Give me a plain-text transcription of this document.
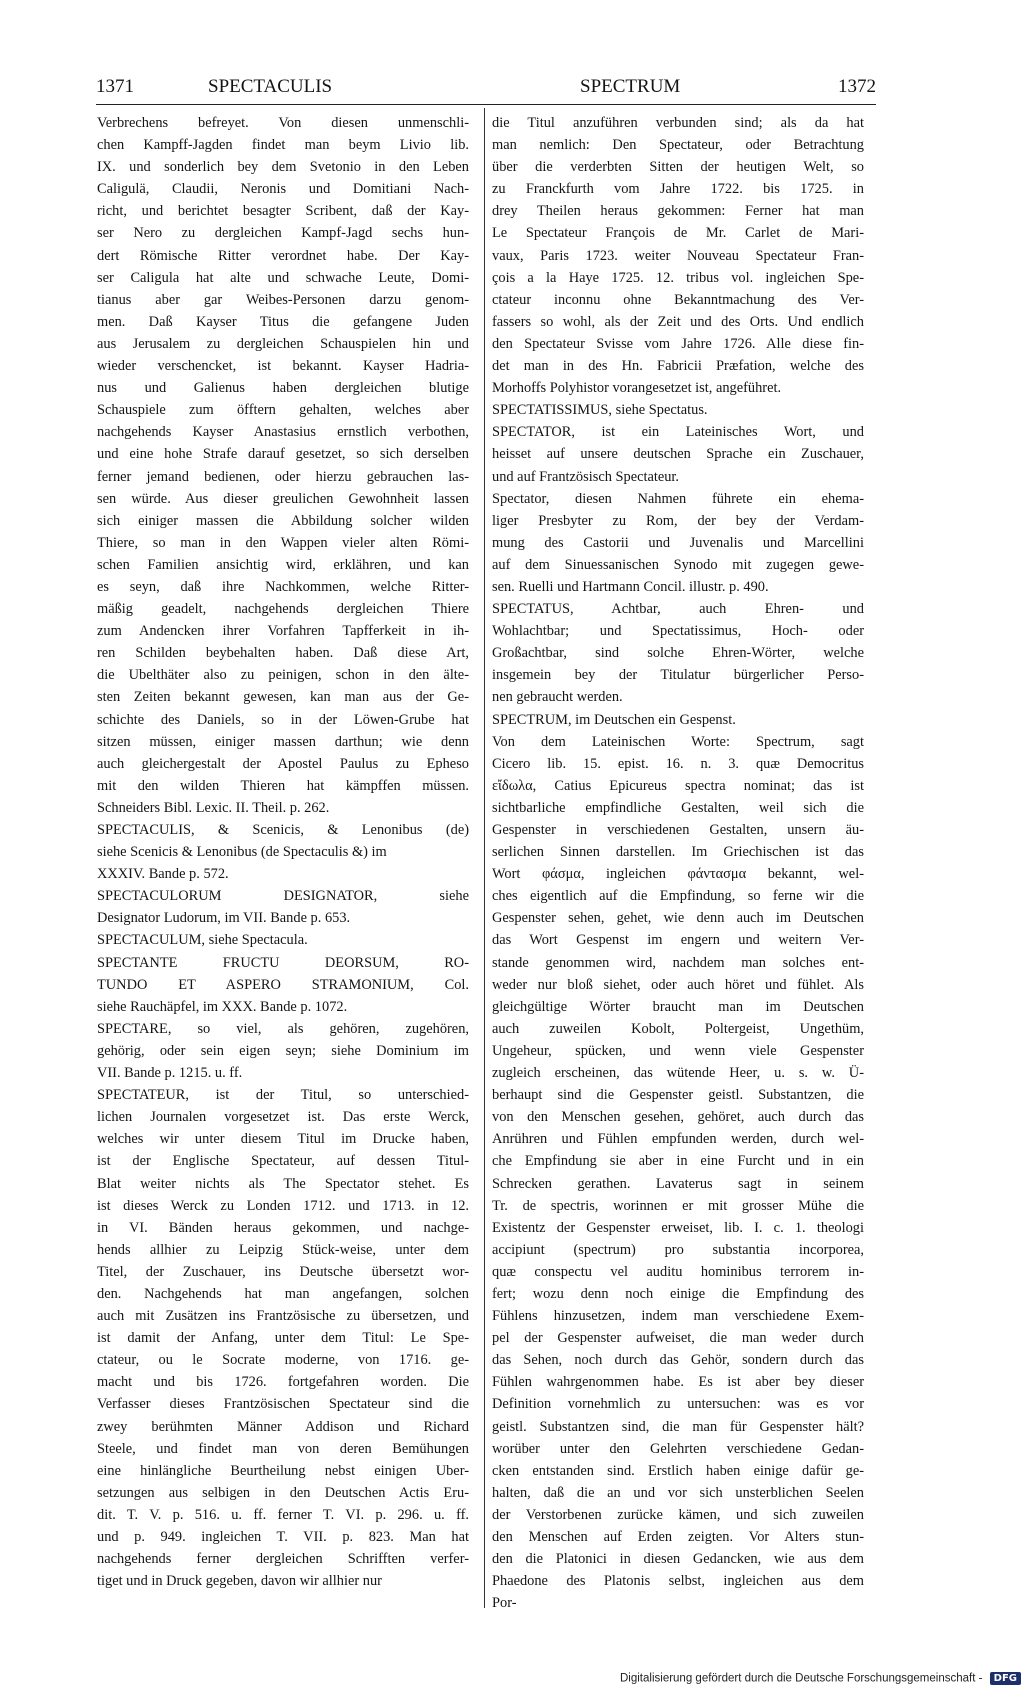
1371	SPECTACULIS	SPECTRUM	1372
Verbrechens befreyet. Von diesen unmenschli-
chen Kampff-Jagden findet man beym Livio lib.
IX. und sonderlich bey dem Svetonio in den Leben
Caligulä, Claudii, Neronis und Domitiani Nach-
richt, und berichtet besagter Scribent, daß der Kay-
ser Nero zu dergleichen Kampf-Jagd sechs hun-
dert Römische Ritter verordnet habe. Der Kay-
ser Caligula hat alte und schwache Leute, Domi-
tianus aber gar Weibes-Personen darzu genom-
men. Daß Kayser Titus die gefangene Juden
aus Jerusalem zu dergleichen Schauspielen hin und
wieder verschencket, ist bekannt. Kayser Hadria-
nus und Galienus haben dergleichen blutige
Schauspiele zum öfftern gehalten, welches aber
nachgehends Kayser Anastasius ernstlich verbothen,
und eine hohe Strafe darauf gesetzet, so sich derselben
ferner jemand bedienen, oder hierzu gebrauchen las-
sen würde. Aus dieser greulichen Gewohnheit lassen
sich einiger massen die Abbildung solcher wilden
Thiere, so man in den Wappen vieler alten Römi-
schen Familien ansichtig wird, erklähren, und kan
es seyn, daß ihre Nachkommen, welche Ritter-
mäßig geadelt, nachgehends dergleichen Thiere
zum Andencken ihrer Vorfahren Tapfferkeit in ih-
ren Schilden beybehalten haben. Daß diese Art,
die Ubelthäter also zu peinigen, schon in den älte-
sten Zeiten bekannt gewesen, kan man aus der Ge-
schichte des Daniels, so in der Löwen-Grube hat
sitzen müssen, einiger massen darthun; wie denn
auch gleichergestalt der Apostel Paulus zu Epheso
mit den wilden Thieren hat kämpffen müssen.
Schneiders Bibl. Lexic. II. Theil. p. 262.
SPECTACULIS, & Scenicis, & Lenonibus (de)
siehe Scenicis & Lenonibus (de Spectaculis &) im
XXXIV. Bande p. 572.
SPECTACULORUM DESIGNATOR, siehe
Designator Ludorum, im VII. Bande p. 653.
SPECTACULUM, siehe Spectacula.
SPECTANTE FRUCTU DEORSUM, RO-
TUNDO ET ASPERO STRAMONIUM, Col.
siehe Rauchäpfel, im XXX. Bande p. 1072.
SPECTARE, so viel, als gehören, zugehören,
gehörig, oder sein eigen seyn; siehe Dominium im
VII. Bande p. 1215. u. ff.
SPECTATEUR, ist der Titul, so unterschied-
lichen Journalen vorgesetzet ist. Das erste Werck,
welches wir unter diesem Titul im Drucke haben,
ist der Englische Spectateur, auf dessen Titul-
Blat weiter nichts als The Spectator stehet. Es
ist dieses Werck zu Londen 1712. und 1713. in 12.
in VI. Bänden heraus gekommen, und nachge-
hends allhier zu Leipzig Stück-weise, unter dem
Titel, der Zuschauer, ins Deutsche übersetzt wor-
den. Nachgehends hat man angefangen, solchen
auch mit Zusätzen ins Frantzösische zu übersetzen, und
ist damit der Anfang, unter dem Titul: Le Spe-
ctateur, ou le Socrate moderne, von 1716. ge-
macht und bis 1726. fortgefahren worden. Die
Verfasser dieses Frantzösischen Spectateur sind die
zwey berühmten Männer Addison und Richard
Steele, und findet man von deren Bemühungen
eine hinlängliche Beurtheilung nebst einigen Uber-
setzungen aus selbigen in den Deutschen Actis Eru-
dit. T. V. p. 516. u. ff. ferner T. VI. p. 296. u. ff.
und p. 949. ingleichen T. VII. p. 823. Man hat
nachgehends ferner dergleichen Schrifften verfer-
tiget und in Druck gegeben, davon wir allhier nur
die Titul anzuführen verbunden sind; als da hat
man nemlich: Den Spectateur, oder Betrachtung
über die verderbten Sitten der heutigen Welt, so
zu Franckfurth vom Jahre 1722. bis 1725. in
drey Theilen heraus gekommen: Ferner hat man
Le Spectateur François de Mr. Carlet de Mari-
vaux, Paris 1723. weiter Nouveau Spectateur Fran-
çois a la Haye 1725. 12. tribus vol. ingleichen Spe-
ctateur inconnu ohne Bekanntmachung des Ver-
fassers so wohl, als der Zeit und des Orts. Und endlich
den Spectateur Svisse vom Jahre 1726. Alle diese fin-
det man in des Hn. Fabricii Præfation, welche des
Morhoffs Polyhistor vorangesetzet ist, angeführet.
SPECTATISSIMUS, siehe Spectatus.
SPECTATOR, ist ein Lateinisches Wort, und
heisset auf unsere deutschen Sprache ein Zuschauer,
und auf Frantzösisch Spectateur.
Spectator, diesen Nahmen führete ein ehema-
liger Presbyter zu Rom, der bey der Verdam-
mung des Castorii und Juvenalis und Marcellini
auf dem Sinuessanischen Synodo mit zugegen gewe-
sen. Ruelli und Hartmann Concil. illustr. p. 490.
SPECTATUS, Achtbar, auch Ehren- und
Wohlachtbar; und Spectatissimus, Hoch- oder
Großachtbar, sind solche Ehren-Wörter, welche
insgemein bey der Titulatur bürgerlicher Perso-
nen gebraucht werden.
SPECTRUM, im Deutschen ein Gespenst.
Von dem Lateinischen Worte: Spectrum, sagt
Cicero lib. 15. epist. 16. n. 3. quæ Democritus
εἴδωλα, Catius Epicureus spectra nominat; das ist
sichtbarliche empfindliche Gestalten, weil sich die
Gespenster in verschiedenen Gestalten, unsern äu-
serlichen Sinnen darstellen. Im Griechischen ist das
Wort φάσμα, ingleichen φάντασμα bekannt, wel-
ches eigentlich auf die Empfindung, so ferne wir die
Gespenster sehen, gehet, wie denn auch im Deutschen
das Wort Gespenst im engern und weitern Ver-
stande genommen wird, nachdem man solches ent-
weder nur bloß siehet, oder auch höret und fühlet. Als
gleichgültige Wörter braucht man im Deutschen
auch zuweilen Kobolt, Poltergeist, Ungethüm,
Ungeheur, spücken, und wenn viele Gespenster
zugleich erscheinen, das wütende Heer, u. s. w. Ü-
berhaupt sind die Gespenster geistl. Substantzen, die
von den Menschen gesehen, gehöret, auch durch das
Anrühren und Fühlen empfunden werden, durch wel-
che Empfindung sie aber in eine Furcht und in ein
Schrecken gerathen. Lavaterus sagt in seinem
Tr. de spectris, worinnen er mit grosser Mühe die
Existentz der Gespenster erweiset, lib. I. c. 1. theologi
accipiunt (spectrum) pro substantia incorporea,
quæ conspectu vel auditu hominibus terrorem in-
fert; wozu denn noch einige die Empfindung des
Fühlens hinzusetzen, indem man verschiedene Exem-
pel der Gespenster aufweiset, die man weder durch
das Sehen, noch durch das Gehör, sondern durch das
Fühlen wahrgenommen habe. Es ist aber bey dieser
Definition vornehmlich zu untersuchen: was es vor
geistl. Substantzen sind, die man für Gespenster hält?
worüber unter den Gelehrten verschiedene Gedan-
cken entstanden sind. Erstlich haben einige dafür ge-
halten, daß die an und vor sich unsterblichen Seelen
der Verstorbenen zurücke kämen, und sich zuweilen
den Menschen auf Erden zeigten. Vor Alters stun-
den die Platonici in diesen Gedancken, wie aus dem
Phaedone des Platonis selbst, ingleichen aus dem
Por-
Digitalisierung gefördert durch die Deutsche Forschungsgemeinschaft - DFG
